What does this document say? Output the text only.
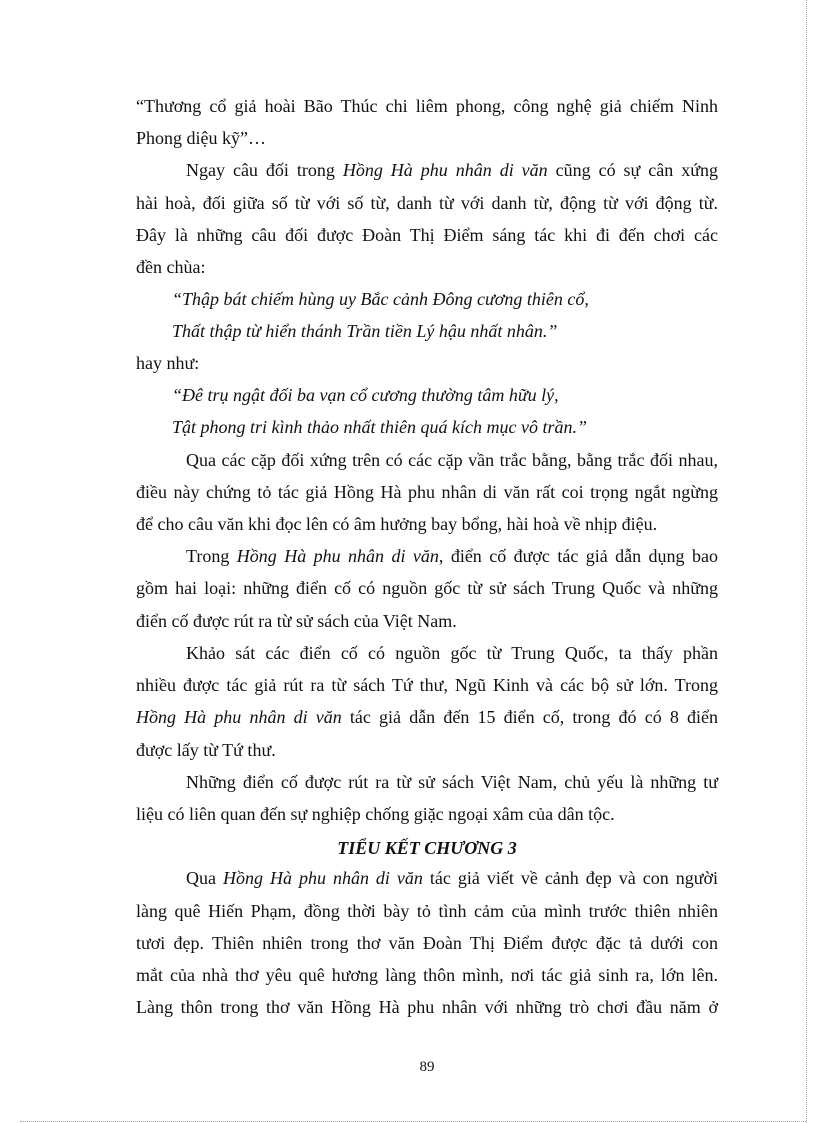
“Thương cổ giả hoài Bão Thúc chi liêm phong, công nghệ giả chiếm Ninh
Phong diệu kỹ”…
Ngay câu đối trong Hồng Hà phu nhân di văn cũng có sự cân xứng
hài hoà, đối giữa số từ với số từ, danh từ với danh từ, động từ với động từ.
Đây là những câu đối được Đoàn Thị Điểm sáng tác khi đi đến chơi các
đền chùa:
“Thập bát chiếm hùng uy Bắc cảnh Đông cương thiên cổ,
Thất thập từ hiển thánh Trần tiền Lý hậu nhất nhân.”
hay như:
“Đê trụ ngật đối ba vạn cổ cương thường tâm hữu lý,
Tật phong tri kình thảo nhất thiên quá kích mục vô trần.”
Qua các cặp đối xứng trên có các cặp vần trắc bằng, bằng trắc đối nhau,
điều này chứng tỏ tác giả Hồng Hà phu nhân di văn rất coi trọng ngắt ngừng
để cho câu văn khi đọc lên có âm hưởng bay bổng, hài hoà về nhịp điệu.
Trong Hồng Hà phu nhân di văn, điển cố được tác giả dẫn dụng bao
gồm hai loại: những điển cố có nguồn gốc từ sử sách Trung Quốc và những
điển cố được rút ra từ sử sách của Việt Nam.
Khảo sát các điển cố có nguồn gốc từ Trung Quốc, ta thấy phần
nhiều được tác giả rút ra từ sách Tứ thư, Ngũ Kinh và các bộ sử lớn. Trong
Hồng Hà phu nhân di văn tác giả dẫn đến 15 điển cố, trong đó có 8 điển
được lấy từ Tứ thư.
Những điển cố được rút ra từ sử sách Việt Nam, chủ yếu là những tư
liệu có liên quan đến sự nghiệp chống giặc ngoại xâm của dân tộc.
Qua Hồng Hà phu nhân di văn tác giả viết về cảnh đẹp và con người
làng quê Hiến Phạm, đồng thời bày tỏ tình cảm của mình trước thiên nhiên
tươi đẹp. Thiên nhiên trong thơ văn Đoàn Thị Điểm được đặc tả dưới con
mắt của nhà thơ yêu quê hương làng thôn mình, nơi tác giả sinh ra, lớn lên.
Làng thôn trong thơ văn Hồng Hà phu nhân với những trò chơi đầu năm ở
TIỂU KẾT CHƯƠNG 3
89
